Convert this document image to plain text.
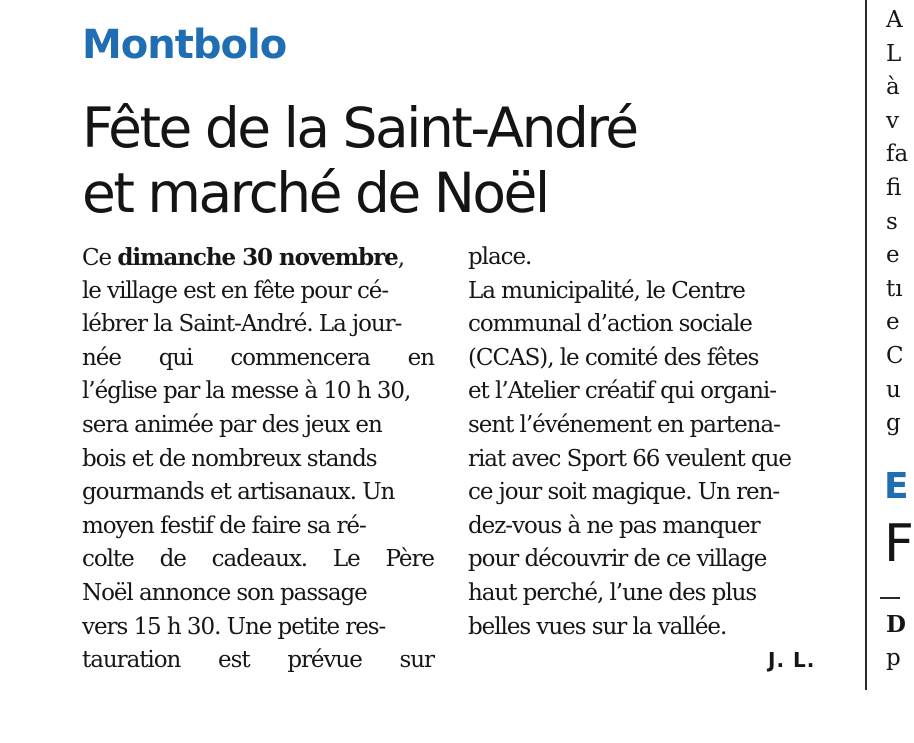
Montbolo
Fête de la Saint-André
et marché de Noël
Ce dimanche 30 novembre,
le village est en fête pour cé-
lébrer la Saint-André. La jour-
née qui commencera en
l’église par la messe à 10 h 30,
sera animée par des jeux en
bois et de nombreux stands
gourmands et artisanaux. Un
moyen festif de faire sa ré-
colte de cadeaux. Le Père
Noël annonce son passage
vers 15 h 30. Une petite res-
tauration est prévue sur
place.
La municipalité, le Centre
communal d’action sociale
(CCAS), le comité des fêtes
et l’Atelier créatif qui organi-
sent l’événement en partena-
riat avec Sport 66 veulent que
ce jour soit magique. Un ren-
dez-vous à ne pas manquer
pour découvrir de ce village
haut perché, l’une des plus
belles vues sur la vallée.
J. L.
A
L
à
v
fa
fi
s
e
tı
e
C
u
g
E
F
D
p
